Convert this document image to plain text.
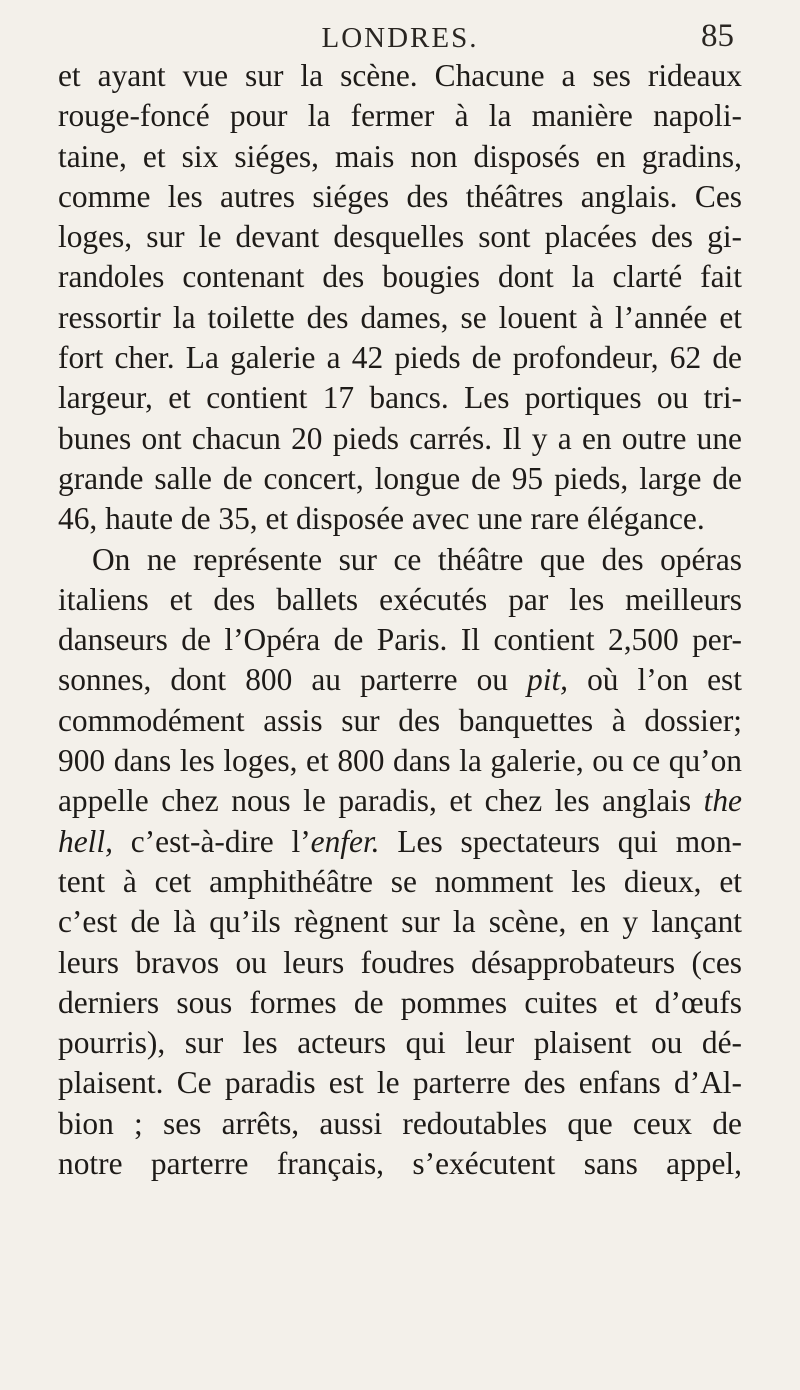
LONDRES.	85
et ayant vue sur la scène. Chacune a ses rideaux
rouge-foncé pour la fermer à la manière napoli-
taine, et six siéges, mais non disposés en gradins,
comme les autres siéges des théâtres anglais. Ces
loges, sur le devant desquelles sont placées des gi-
randoles contenant des bougies dont la clarté fait
ressortir la toilette des dames, se louent à l’année et
fort cher. La galerie a 42 pieds de profondeur, 62 de
largeur, et contient 17 bancs. Les portiques ou tri-
bunes ont chacun 20 pieds carrés. Il y a en outre une
grande salle de concert, longue de 95 pieds, large de
46, haute de 35, et disposée avec une rare élégance.
On ne représente sur ce théâtre que des opéras
italiens et des ballets exécutés par les meilleurs
danseurs de l’Opéra de Paris. Il contient 2,500 per-
sonnes, dont 800 au parterre ou pit, où l’on est
commodément assis sur des banquettes à dossier;
900 dans les loges, et 800 dans la galerie, ou ce qu’on
appelle chez nous le paradis, et chez les anglais the
hell, c’est-à-dire l’enfer. Les spectateurs qui mon-
tent à cet amphithéâtre se nomment les dieux, et
c’est de là qu’ils règnent sur la scène, en y lançant
leurs bravos ou leurs foudres désapprobateurs (ces
derniers sous formes de pommes cuites et d’œufs
pourris), sur les acteurs qui leur plaisent ou dé-
plaisent. Ce paradis est le parterre des enfans d’Al-
bion ; ses arrêts, aussi redoutables que ceux de
notre parterre français, s’exécutent sans appel,
